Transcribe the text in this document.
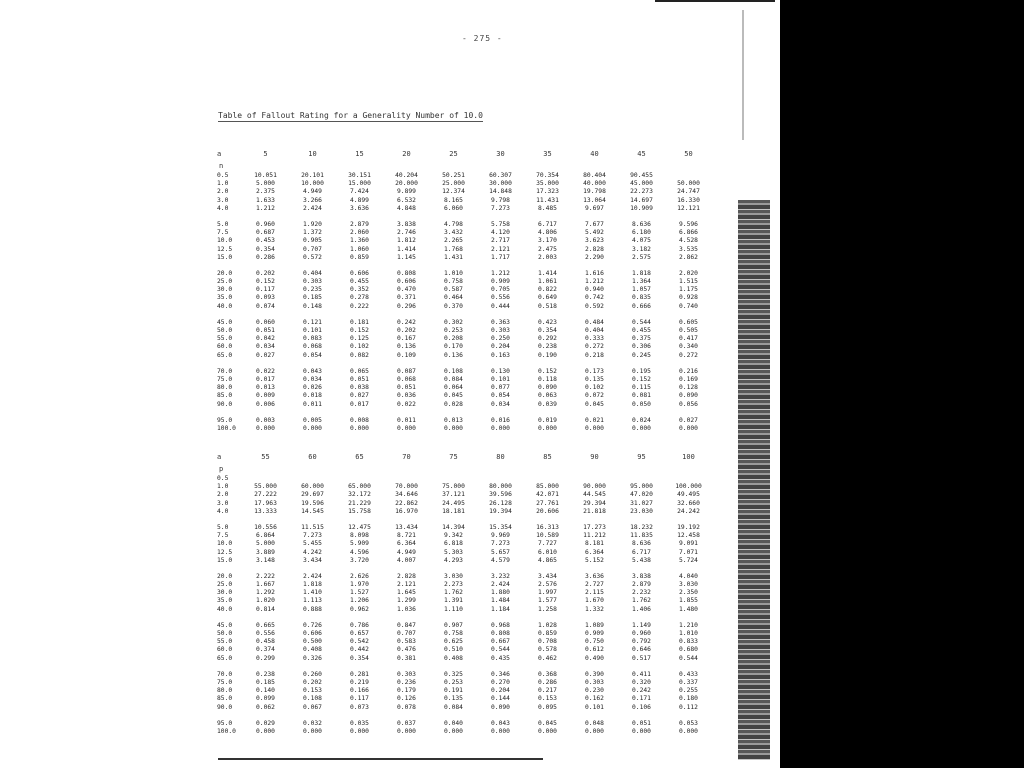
- 275 -
Table of Fallout Rating for a Generality Number of 10.0
a	5	10	15	20	25	30	35	40	45	50
n
0.5	10.051	20.101	30.151	40.204	50.251	60.307	70.354	80.404	90.455
1.0	5.000	10.000	15.000	20.000	25.000	30.000	35.000	40.000	45.000	50.000
2.0	2.375	4.949	7.424	9.899	12.374	14.848	17.323	19.798	22.273	24.747
3.0	1.633	3.266	4.899	6.532	8.165	9.798	11.431	13.064	14.697	16.330
4.0	1.212	2.424	3.636	4.848	6.060	7.273	8.485	9.697	10.909	12.121
5.0	0.960	1.920	2.879	3.838	4.798	5.758	6.717	7.677	8.636	9.596
7.5	0.687	1.372	2.060	2.746	3.432	4.120	4.806	5.492	6.180	6.866
10.0	0.453	0.905	1.360	1.812	2.265	2.717	3.170	3.623	4.075	4.528
12.5	0.354	0.707	1.060	1.414	1.768	2.121	2.475	2.828	3.182	3.535
15.0	0.286	0.572	0.859	1.145	1.431	1.717	2.003	2.290	2.575	2.862
20.0	0.202	0.404	0.606	0.808	1.010	1.212	1.414	1.616	1.818	2.020
25.0	0.152	0.303	0.455	0.606	0.758	0.909	1.061	1.212	1.364	1.515
30.0	0.117	0.235	0.352	0.470	0.587	0.705	0.822	0.940	1.057	1.175
35.0	0.093	0.185	0.278	0.371	0.464	0.556	0.649	0.742	0.835	0.928
40.0	0.074	0.148	0.222	0.296	0.370	0.444	0.518	0.592	0.666	0.740
45.0	0.060	0.121	0.181	0.242	0.302	0.363	0.423	0.484	0.544	0.605
50.0	0.051	0.101	0.152	0.202	0.253	0.303	0.354	0.404	0.455	0.505
55.0	0.042	0.083	0.125	0.167	0.208	0.250	0.292	0.333	0.375	0.417
60.0	0.034	0.068	0.102	0.136	0.170	0.204	0.238	0.272	0.306	0.340
65.0	0.027	0.054	0.082	0.109	0.136	0.163	0.190	0.218	0.245	0.272
70.0	0.022	0.043	0.065	0.087	0.108	0.130	0.152	0.173	0.195	0.216
75.0	0.017	0.034	0.051	0.068	0.084	0.101	0.118	0.135	0.152	0.169
80.0	0.013	0.026	0.038	0.051	0.064	0.077	0.090	0.102	0.115	0.128
85.0	0.009	0.018	0.027	0.036	0.045	0.054	0.063	0.072	0.081	0.090
90.0	0.006	0.011	0.017	0.022	0.028	0.034	0.039	0.045	0.050	0.056
95.0	0.003	0.005	0.008	0.011	0.013	0.016	0.019	0.021	0.024	0.027
100.0	0.000	0.000	0.000	0.000	0.000	0.000	0.000	0.000	0.000	0.000
a	55	60	65	70	75	80	85	90	95	100
p
0.5
1.0	55.000	60.000	65.000	70.000	75.000	80.000	85.000	90.000	95.000	100.000
2.0	27.222	29.697	32.172	34.646	37.121	39.596	42.071	44.545	47.020	49.495
3.0	17.963	19.596	21.229	22.862	24.495	26.128	27.761	29.394	31.027	32.660
4.0	13.333	14.545	15.758	16.970	18.181	19.394	20.606	21.818	23.030	24.242
5.0	10.556	11.515	12.475	13.434	14.394	15.354	16.313	17.273	18.232	19.192
7.5	6.864	7.273	8.098	8.721	9.342	9.969	10.589	11.212	11.835	12.458
10.0	5.000	5.455	5.909	6.364	6.818	7.273	7.727	8.181	8.636	9.091
12.5	3.889	4.242	4.596	4.949	5.303	5.657	6.010	6.364	6.717	7.071
15.0	3.148	3.434	3.720	4.007	4.293	4.579	4.865	5.152	5.438	5.724
20.0	2.222	2.424	2.626	2.828	3.030	3.232	3.434	3.636	3.838	4.040
25.0	1.667	1.818	1.970	2.121	2.273	2.424	2.576	2.727	2.879	3.030
30.0	1.292	1.410	1.527	1.645	1.762	1.880	1.997	2.115	2.232	2.350
35.0	1.020	1.113	1.206	1.299	1.391	1.484	1.577	1.670	1.762	1.855
40.0	0.814	0.888	0.962	1.036	1.110	1.184	1.258	1.332	1.406	1.480
45.0	0.665	0.726	0.786	0.847	0.907	0.968	1.028	1.089	1.149	1.210
50.0	0.556	0.606	0.657	0.707	0.758	0.808	0.859	0.909	0.960	1.010
55.0	0.458	0.500	0.542	0.583	0.625	0.667	0.708	0.750	0.792	0.833
60.0	0.374	0.408	0.442	0.476	0.510	0.544	0.578	0.612	0.646	0.680
65.0	0.299	0.326	0.354	0.381	0.408	0.435	0.462	0.490	0.517	0.544
70.0	0.238	0.260	0.281	0.303	0.325	0.346	0.368	0.390	0.411	0.433
75.0	0.185	0.202	0.219	0.236	0.253	0.270	0.286	0.303	0.320	0.337
80.0	0.140	0.153	0.166	0.179	0.191	0.204	0.217	0.230	0.242	0.255
85.0	0.099	0.108	0.117	0.126	0.135	0.144	0.153	0.162	0.171	0.180
90.0	0.062	0.067	0.073	0.078	0.084	0.090	0.095	0.101	0.106	0.112
95.0	0.029	0.032	0.035	0.037	0.040	0.043	0.045	0.048	0.051	0.053
100.0	0.000	0.000	0.000	0.000	0.000	0.000	0.000	0.000	0.000	0.000
